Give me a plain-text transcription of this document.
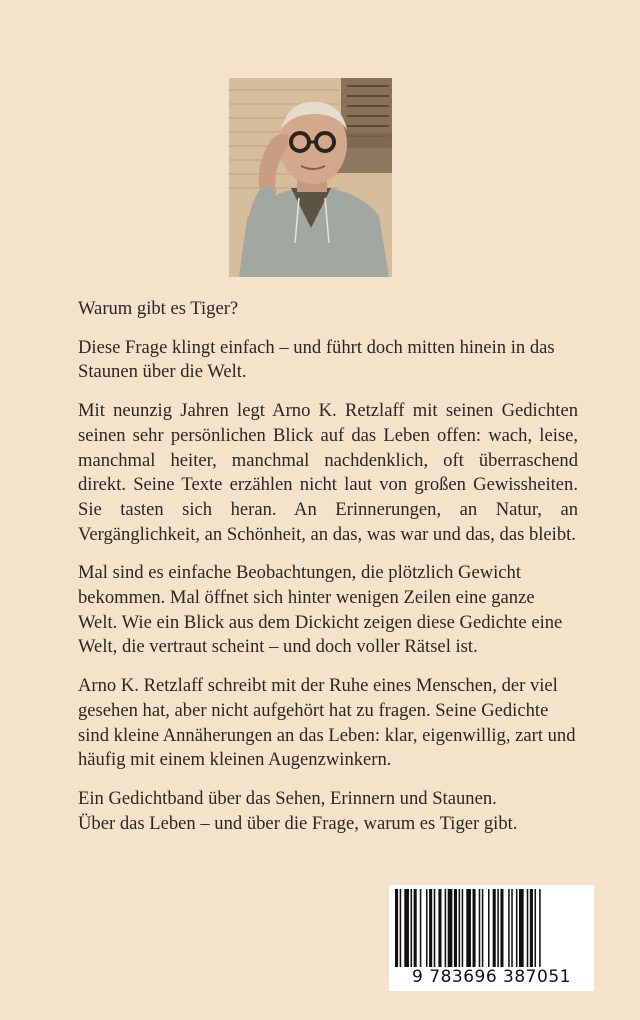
Warum gibt es Tiger?

Diese Frage klingt einfach – und führt doch mitten hinein in das Staunen über die Welt.

Mit neunzig Jahren legt Arno K. Retzlaff mit seinen Gedichten seinen sehr persönlichen Blick auf das Leben offen: wach, leise, manchmal heiter, manchmal nachdenklich, oft überraschend direkt. Seine Texte erzählen nicht laut von großen Gewissheiten. Sie tasten sich heran. An Erinnerungen, an Natur, an Vergänglichkeit, an Schönheit, an das, was war und das, das bleibt.

Mal sind es einfache Beobachtungen, die plötzlich Gewicht bekommen. Mal öffnet sich hinter wenigen Zeilen eine ganze Welt. Wie ein Blick aus dem Dickicht zeigen diese Gedichte eine Welt, die vertraut scheint – und doch voller Rätsel ist.

Arno K. Retzlaff schreibt mit der Ruhe eines Menschen, der viel gesehen hat, aber nicht aufgehört hat zu fragen. Seine Gedichte sind kleine Annäherungen an das Leben: klar, eigenwillig, zart und häufig mit einem kleinen Augenzwinkern.

Ein Gedichtband über das Sehen, Erinnern und Staunen.

Über das Leben – und über die Frage, warum es Tiger gibt.

9 783696 387051
